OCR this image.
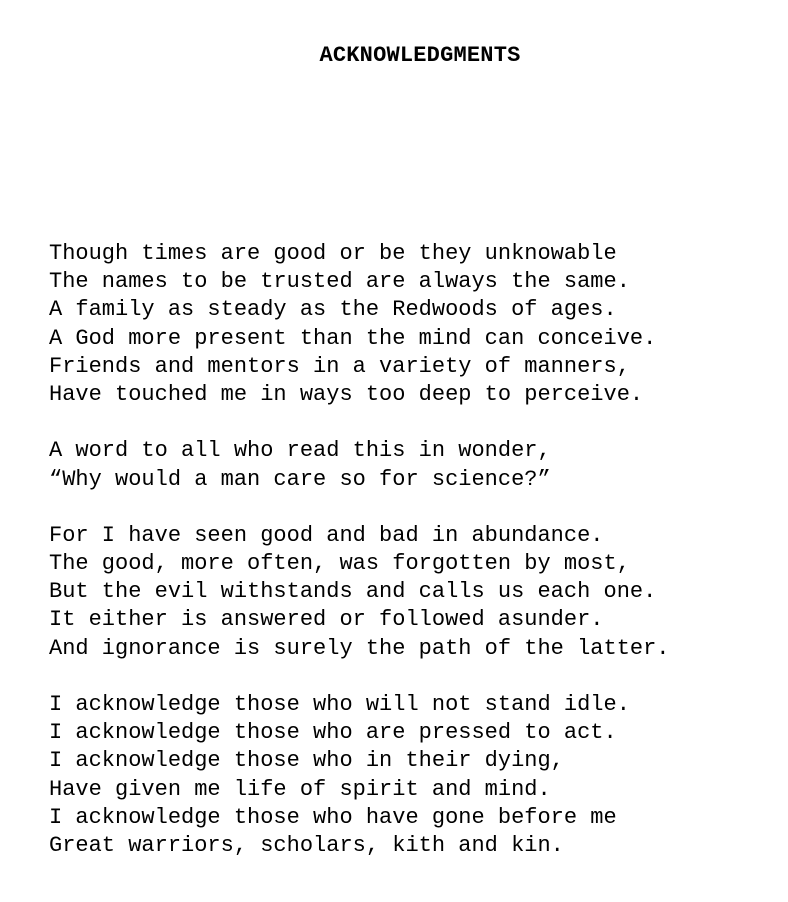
ACKNOWLEDGMENTS
Though times are good or be they unknowable
The names to be trusted are always the same.
A family as steady as the Redwoods of ages.
A God more present than the mind can conceive.
Friends and mentors in a variety of manners,
Have touched me in ways too deep to perceive.
A word to all who read this in wonder,
“Why would a man care so for science?”
For I have seen good and bad in abundance.
The good, more often, was forgotten by most,
But the evil withstands and calls us each one.
It either is answered or followed asunder.
And ignorance is surely the path of the latter.
I acknowledge those who will not stand idle.
I acknowledge those who are pressed to act.
I acknowledge those who in their dying,
Have given me life of spirit and mind.
I acknowledge those who have gone before me
Great warriors, scholars, kith and kin.
